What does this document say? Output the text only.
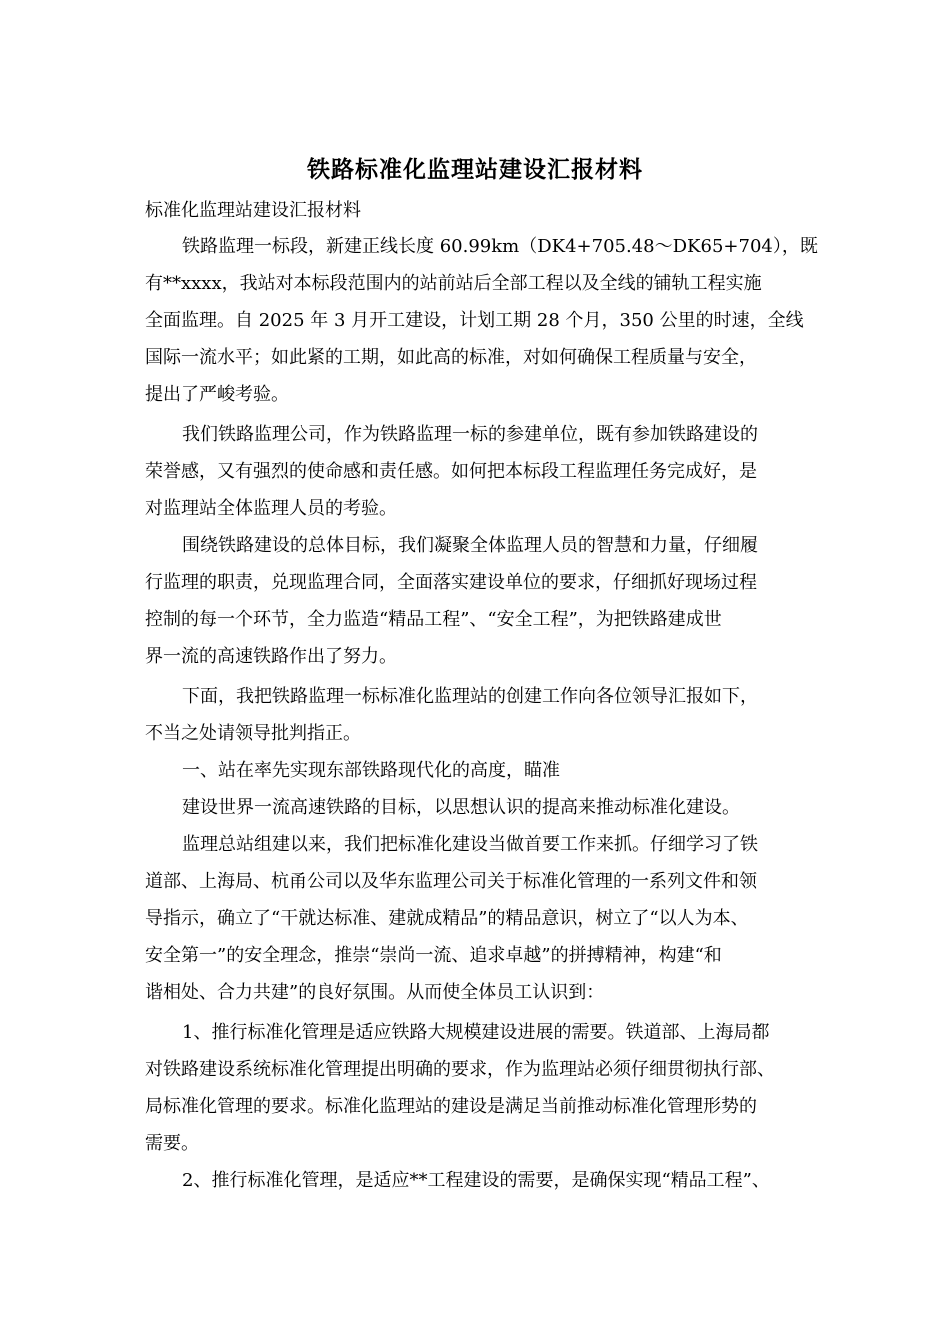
铁路标准化监理站建设汇报材料
标准化监理站建设汇报材料
铁路监理一标段，新建正线长度 60.99km（DK4+705.48～DK65+704），既
有**xxxx，我站对本标段范围内的站前站后全部工程以及全线的铺轨工程实施
全面监理。自 2025 年 3 月开工建设，计划工期 28 个月，350 公里的时速，全线
国际一流水平；如此紧的工期，如此高的标准，对如何确保工程质量与安全，
提出了严峻考验。
我们铁路监理公司，作为铁路监理一标的参建单位，既有参加铁路建设的
荣誉感，又有强烈的使命感和责任感。如何把本标段工程监理任务完成好，是
对监理站全体监理人员的考验。
围绕铁路建设的总体目标，我们凝聚全体监理人员的智慧和力量，仔细履
行监理的职责，兑现监理合同，全面落实建设单位的要求，仔细抓好现场过程
控制的每一个环节，全力监造“精品工程”、“安全工程”，为把铁路建成世
界一流的高速铁路作出了努力。
下面，我把铁路监理一标标准化监理站的创建工作向各位领导汇报如下，
不当之处请领导批判指正。
一、站在率先实现东部铁路现代化的高度，瞄准
建设世界一流高速铁路的目标，以思想认识的提高来推动标准化建设。
监理总站组建以来，我们把标准化建设当做首要工作来抓。仔细学习了铁
道部、上海局、杭甬公司以及华东监理公司关于标准化管理的一系列文件和领
导指示，确立了“干就达标准、建就成精品”的精品意识，树立了“以人为本、
安全第一”的安全理念，推崇“崇尚一流、追求卓越”的拼搏精神，构建“和
谐相处、合力共建”的良好氛围。从而使全体员工认识到：
1、推行标准化管理是适应铁路大规模建设进展的需要。铁道部、上海局都
对铁路建设系统标准化管理提出明确的要求，作为监理站必须仔细贯彻执行部、
局标准化管理的要求。标准化监理站的建设是满足当前推动标准化管理形势的
需要。
2、推行标准化管理，是适应**工程建设的需要，是确保实现“精品工程”、
